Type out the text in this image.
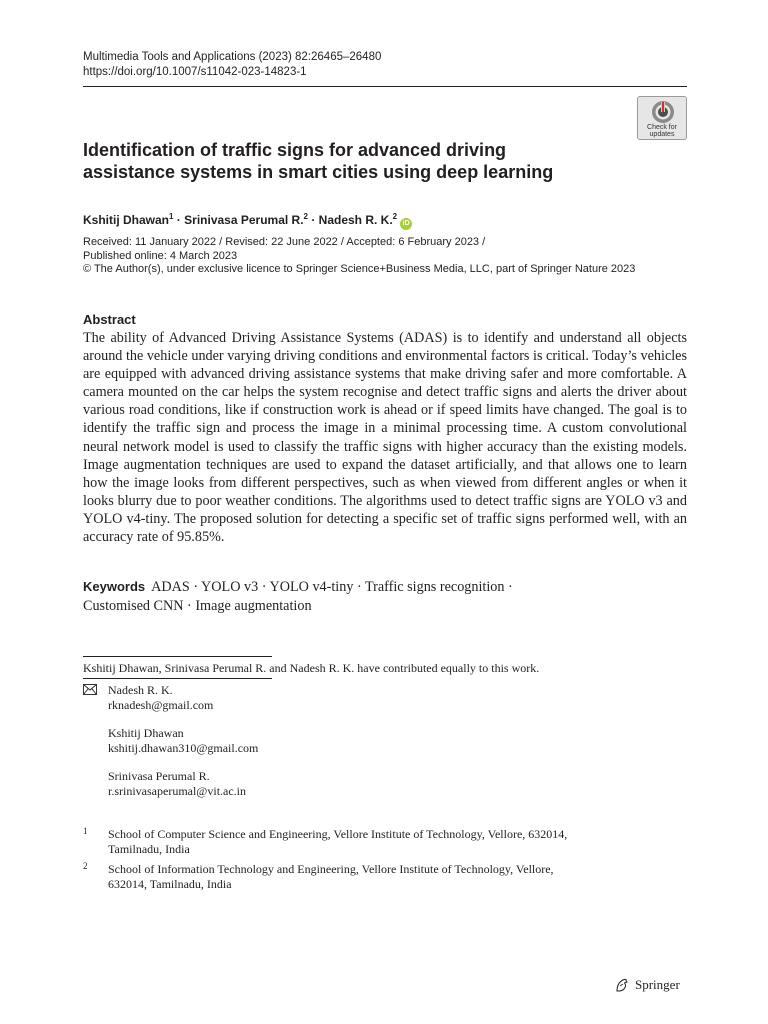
Multimedia Tools and Applications (2023) 82:26465–26480
https://doi.org/10.1007/s11042-023-14823-1
Check for
updates
Identification of traffic signs for advanced driving
assistance systems in smart cities using deep learning
Kshitij Dhawan$^1$ · Srinivasa Perumal R.$^2$ · Nadesh R. K.$^2$iD
Received: 11 January 2022 / Revised: 22 June 2022 / Accepted: 6 February 2023 /
Published online: 4 March 2023
© The Author(s), under exclusive licence to Springer Science+Business Media, LLC, part of Springer Nature 2023
Abstract

The ability of Advanced Driving Assistance Systems (ADAS) is to identify and understand all objects around the vehicle under varying driving conditions and environmental factors is critical. Today’s vehicles are equipped with advanced driving assistance systems that make driving safer and more comfortable. A camera mounted on the car helps the system recognise and detect traffic signs and alerts the driver about various road conditions, like if construction work is ahead or if speed limits have changed. The goal is to identify the traffic sign and process the image in a minimal processing time. A custom convolutional neural network model is used to classify the traffic signs with higher accuracy than the existing models. Image augmentation techniques are used to expand the dataset artificially, and that allows one to learn how the image looks from different perspectives, such as when viewed from different angles or when it looks blurry due to poor weather conditions. The algorithms used to detect traffic signs are YOLO v3 and YOLO v4-tiny. The proposed solution for detecting a specific set of traffic signs performed well, with an accuracy rate of 95.85%.

Keywords ADAS · YOLO v3 · YOLO v4-tiny · Traffic signs recognition ·
Customised CNN · Image augmentation
Kshitij Dhawan, Srinivasa Perumal R. and Nadesh R. K. have contributed equally to this work.
Nadesh R. K.
rknadesh@gmail.com
Kshitij Dhawan
kshitij.dhawan310@gmail.com
Srinivasa Perumal R.
r.srinivasaperumal@vit.ac.in
1 School of Computer Science and Engineering, Vellore Institute of Technology, Vellore, 632014,
Tamilnadu, India
2 School of Information Technology and Engineering, Vellore Institute of Technology, Vellore,
632014, Tamilnadu, India
Springer
